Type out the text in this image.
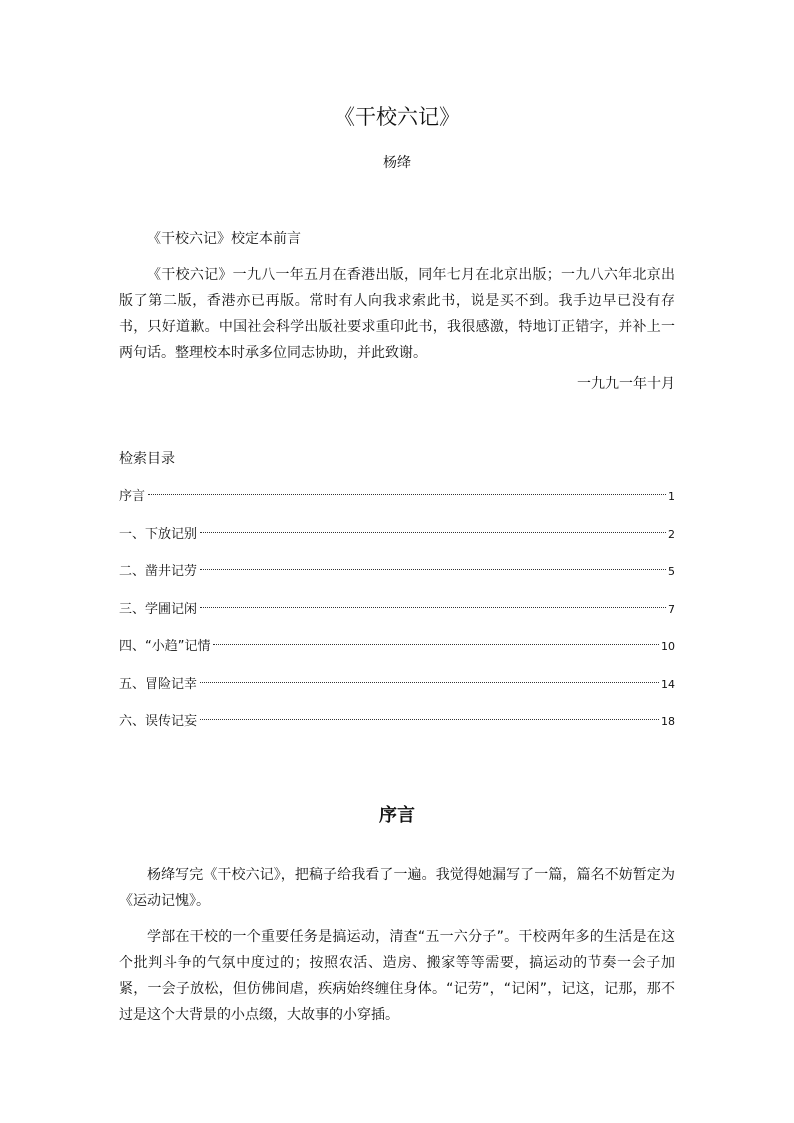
《干校六记》
杨绛

《干校六记》校定本前言

《干校六记》一九八一年五月在香港出版，同年七月在北京出版；一九八六年北京出版了第二版，香港亦已再版。常时有人向我求索此书，说是买不到。我手边早已没有存书，只好道歉。中国社会科学出版社要求重印此书，我很感激，特地订正错字，并补上一两句话。整理校本时承多位同志协助，并此致谢。

一九九一年十月
检索目录
序言	1
一、下放记别	2
二、凿井记劳	5
三、学圃记闲	7
四、“小趋”记情	10
五、冒险记幸	14
六、误传记妄	18
序言

杨绛写完《干校六记》，把稿子给我看了一遍。我觉得她漏写了一篇，篇名不妨暂定为《运动记愧》。

学部在干校的一个重要任务是搞运动，清查“五一六分子”。干校两年多的生活是在这个批判斗争的气氛中度过的；按照农活、造房、搬家等等需要，搞运动的节奏一会子加紧，一会子放松，但仿佛间虐，疾病始终缠住身体。“记劳”，“记闲”，记这，记那，那不过是这个大背景的小点缀，大故事的小穿插。
